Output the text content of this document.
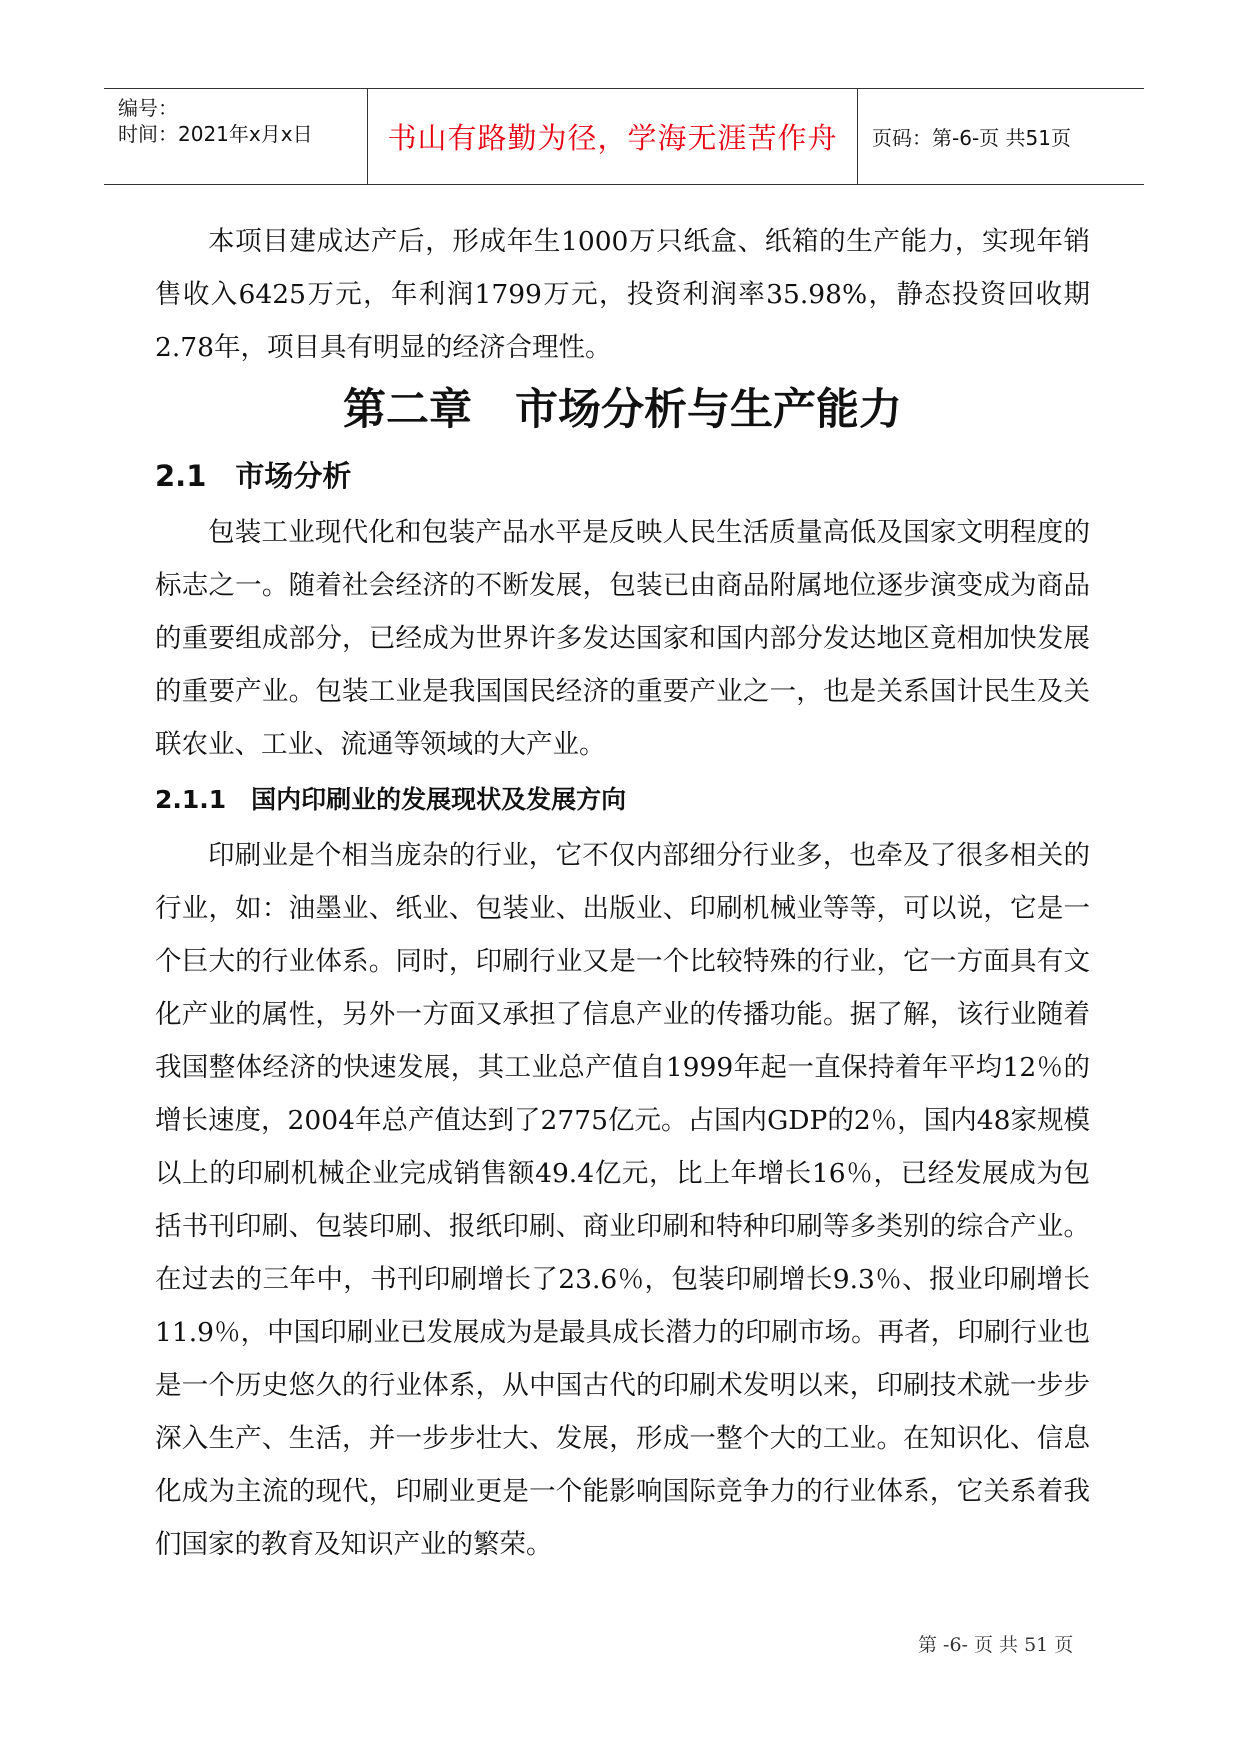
编号：
时间：2021年x月x日	书山有路勤为径，学海无涯苦作舟	页码：第-6-页 共51页

本项目建成达产后，形成年生1000万只纸盒、纸箱的生产能力，实现年销售收入6425万元，年利润1799万元，投资利润率35.98%，静态投资回收期2.78年，项目具有明显的经济合理性。

第二章　市场分析与生产能力
2.1　市场分析

包装工业现代化和包装产品水平是反映人民生活质量高低及国家文明程度的标志之一。随着社会经济的不断发展，包装已由商品附属地位逐步演变成为商品的重要组成部分，已经成为世界许多发达国家和国内部分发达地区竟相加快发展的重要产业。包装工业是我国国民经济的重要产业之一，也是关系国计民生及关联农业、工业、流通等领域的大产业。

2.1.1　国内印刷业的发展现状及发展方向

印刷业是个相当庞杂的行业，它不仅内部细分行业多，也牵及了很多相关的行业，如：油墨业、纸业、包装业、出版业、印刷机械业等等，可以说，它是一个巨大的行业体系。同时，印刷行业又是一个比较特殊的行业，它一方面具有文化产业的属性，另外一方面又承担了信息产业的传播功能。据了解，该行业随着我国整体经济的快速发展，其工业总产值自1999年起一直保持着年平均12％的增长速度，2004年总产值达到了2775亿元。占国内GDP的2％，国内48家规模以上的印刷机械企业完成销售额49.4亿元，比上年增长16％，已经发展成为包括书刊印刷、包装印刷、报纸印刷、商业印刷和特种印刷等多类别的综合产业。在过去的三年中，书刊印刷增长了23.6％，包装印刷增长9.3％、报业印刷增长11.9％，中国印刷业已发展成为是最具成长潜力的印刷市场。再者，印刷行业也是一个历史悠久的行业体系，从中国古代的印刷术发明以来，印刷技术就一步步深入生产、生活，并一步步壮大、发展，形成一整个大的工业。在知识化、信息化成为主流的现代，印刷业更是一个能影响国际竞争力的行业体系，它关系着我们国家的教育及知识产业的繁荣。

第 -6- 页 共 51 页
